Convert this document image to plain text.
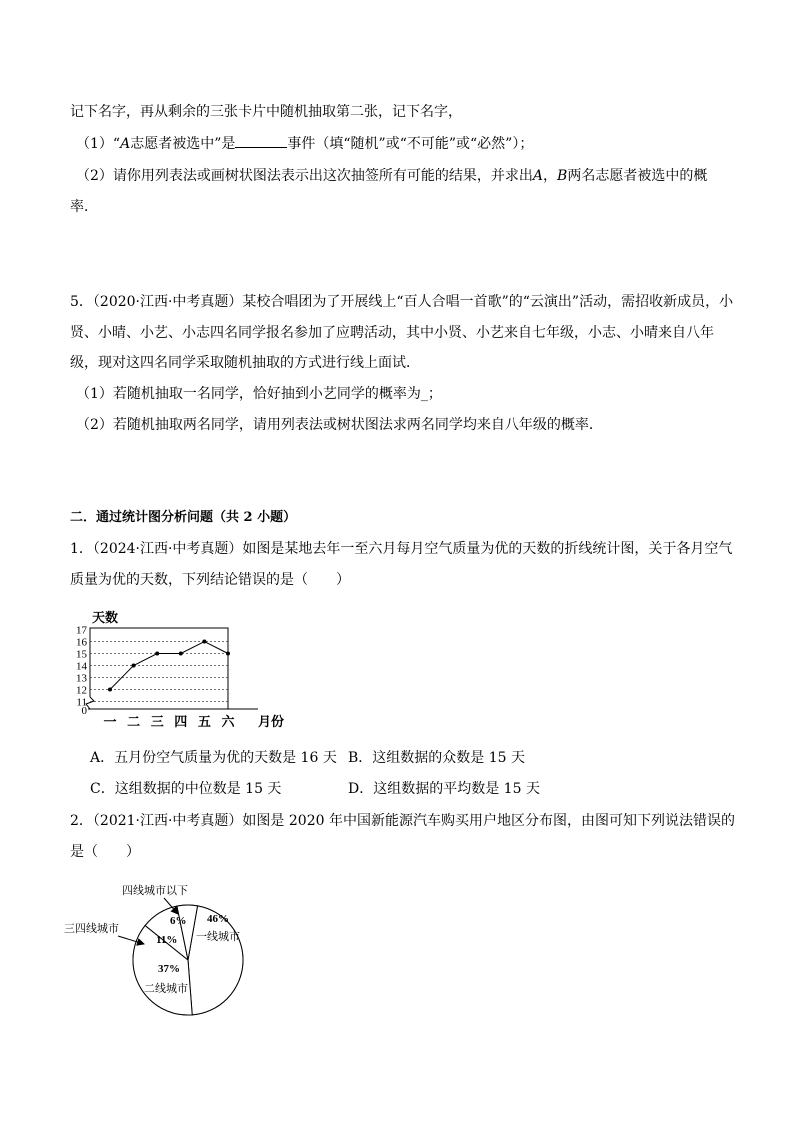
记下名字，再从剩余的三张卡片中随机抽取第二张，记下名字，
（1）“A志愿者被选中”是	事件（填“随机”或“不可能”或“必然”）；
（2）请你用列表法或画树状图法表示出这次抽签所有可能的结果，并求出A，B两名志愿者被选中的概
率．
5．（2020·江西·中考真题）某校合唱团为了开展线上“百人合唱一首歌”的“云演出”活动，需招收新成员，小
贤、小晴、小艺、小志四名同学报名参加了应聘活动，其中小贤、小艺来自七年级，小志、小晴来自八年
级，现对这四名同学采取随机抽取的方式进行线上面试．
（1）若随机抽取一名同学，恰好抽到小艺同学的概率为_；
（2）若随机抽取两名同学，请用列表法或树状图法求两名同学均来自八年级的概率．
二．通过统计图分析问题（共 2 小题）
1．（2024·江西·中考真题）如图是某地去年一至六月每月空气质量为优的天数的折线统计图，关于各月空气
质量为优的天数，下列结论错误的是（　　）
0
11
12
13
14
15
16
17
天数
一 二 三 四 五 六 月份
A．五月份空气质量为优的天数是 16 天 B．这组数据的众数是 15 天
C．这组数据的中位数是 15 天	D．这组数据的平均数是 15 天
2．（2021·江西·中考真题）如图是 2020 年中国新能源汽车购买用户地区分布图，由图可知下列说法错误的
是（　　）
46%
一线城市
37%
二线城市
11%
6%
四线城市以下
三四线城市
